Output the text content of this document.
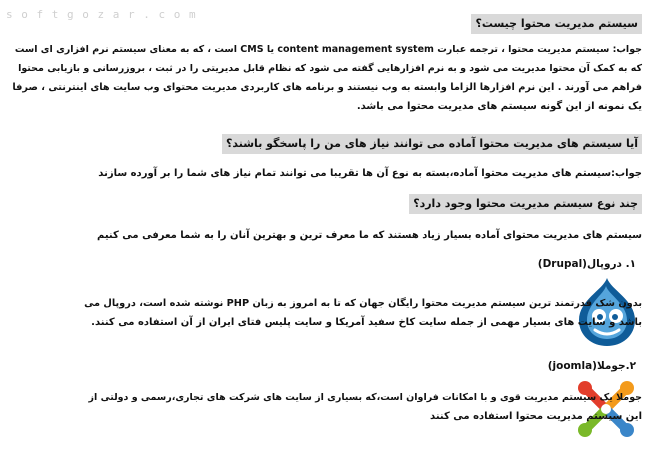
s o f t g o z a r . c o m
سیستم مدیریت محتوا چیست؟
جواب: سیستم مدیریت محتوا ، ترجمه عبارت content management system یا CMS است ، که به معنای سیستم نرم افزاری ای است
که به کمک آن محتوا مدیریت می شود و به نرم افزارهایی گفته می شود که نظام قابل مدیریتی را در ثبت ، بروزرسانی و بازیابی محتوا
فراهم می آورند . این نرم افزارها الزاما وابسته به وب نیستند و برنامه های کاربردی مدیریت محتوای وب سایت های اینترنتی ، صرفا
یک نمونه از این گونه سیستم های مدیریت محتوا می باشد.
آیا سیستم های مدیریت محتوا آماده می توانند نیاز های من را پاسخگو باشند؟
جواب:سیستم های مدیریت محتوا آماده،بسته به نوع آن ها تقریبا می توانند تمام نیاز های شما را بر آورده سازند
چند نوع سیستم مدیریت محتوا وجود دارد؟
سیستم های مدیریت محتوای آماده بسیار زیاد هستند که ما معرف ترین و بهترین آنان را به شما معرفی می کنیم
۱. دروپال(Drupal)
بدون شک قدرتمند ترین سیستم مدیریت محتوا رایگان جهان که تا به امروز به زبان PHP نوشته شده است، دروپال می
باشد و سایت های بسیار مهمی از جمله سایت کاخ سفید آمریکا و سایت پلیس فتای ایران از آن استفاده می کنند.
۲.جوملا(joomla)
جوملا یک سیستم مدیریت قوی و با امکانات فراوان است،که بسیاری از سایت های شرکت های تجاری،رسمی و دولتی از
این سیستم مدیریت محتوا استفاده می کنند
